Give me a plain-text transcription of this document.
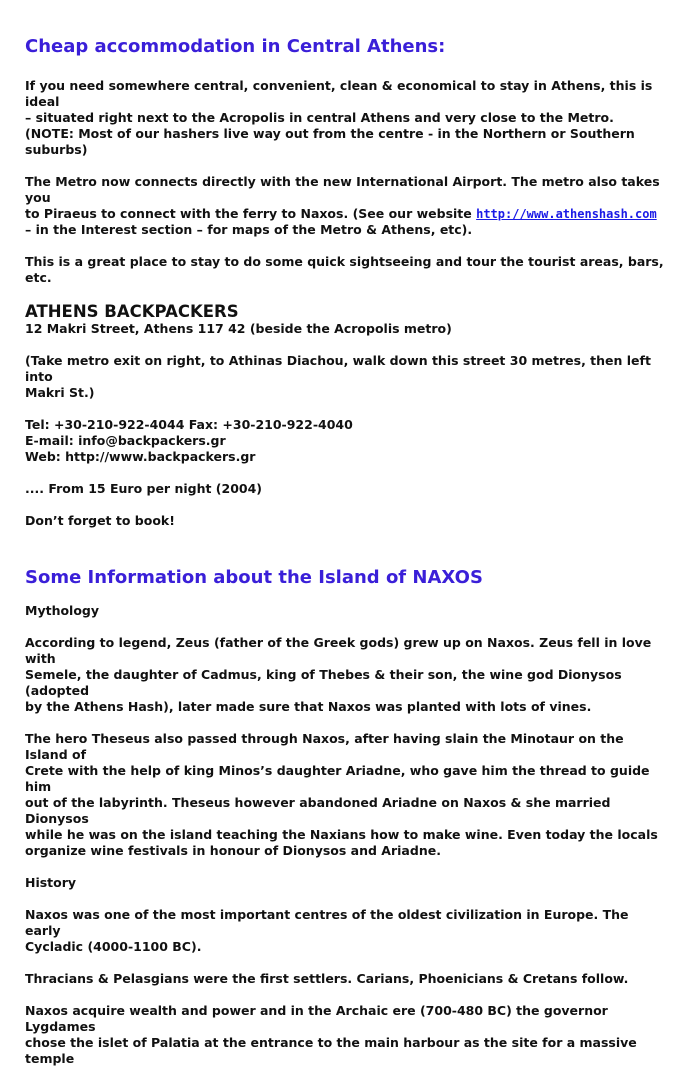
Cheap accommodation in Central Athens:

If you need somewhere central, convenient, clean & economical to stay in Athens, this is ideal
– situated right next to the Acropolis in central Athens and very close to the Metro.
(NOTE: Most of our hashers live way out from the centre - in the Northern or Southern
suburbs)

The Metro now connects directly with the new International Airport. The metro also takes you
to Piraeus to connect with the ferry to Naxos. (See our website http://www.athenshash.com
– in the Interest section – for maps of the Metro & Athens, etc).

This is a great place to stay to do some quick sightseeing and tour the tourist areas, bars, etc.

ATHENS BACKPACKERS
12 Makri Street, Athens 117 42 (beside the Acropolis metro)

(Take metro exit on right, to Athinas Diachou, walk down this street 30 metres, then left into
Makri St.)

Tel: +30-210-922-4044 Fax: +30-210-922-4040
E-mail: info@backpackers.gr
Web: http://www.backpackers.gr

.... From 15 Euro per night (2004)

Don’t forget to book!

Some Information about the Island of NAXOS

Mythology

According to legend, Zeus (father of the Greek gods) grew up on Naxos. Zeus fell in love with
Semele, the daughter of Cadmus, king of Thebes & their son, the wine god Dionysos (adopted
by the Athens Hash), later made sure that Naxos was planted with lots of vines.

The hero Theseus also passed through Naxos, after having slain the Minotaur on the Island of
Crete with the help of king Minos’s daughter Ariadne, who gave him the thread to guide him
out of the labyrinth. Theseus however abandoned Ariadne on Naxos & she married Dionysos
while he was on the island teaching the Naxians how to make wine. Even today the locals
organize wine festivals in honour of Dionysos and Ariadne.

History

Naxos was one of the most important centres of the oldest civilization in Europe. The early
Cycladic (4000-1100 BC).

Thracians & Pelasgians were the first settlers. Carians, Phoenicians & Cretans follow.

Naxos acquire wealth and power and in the Archaic ere (700-480 BC) the governor Lygdames
chose the islet of Palatia at the entrance to the main harbour as the site for a massive temple
